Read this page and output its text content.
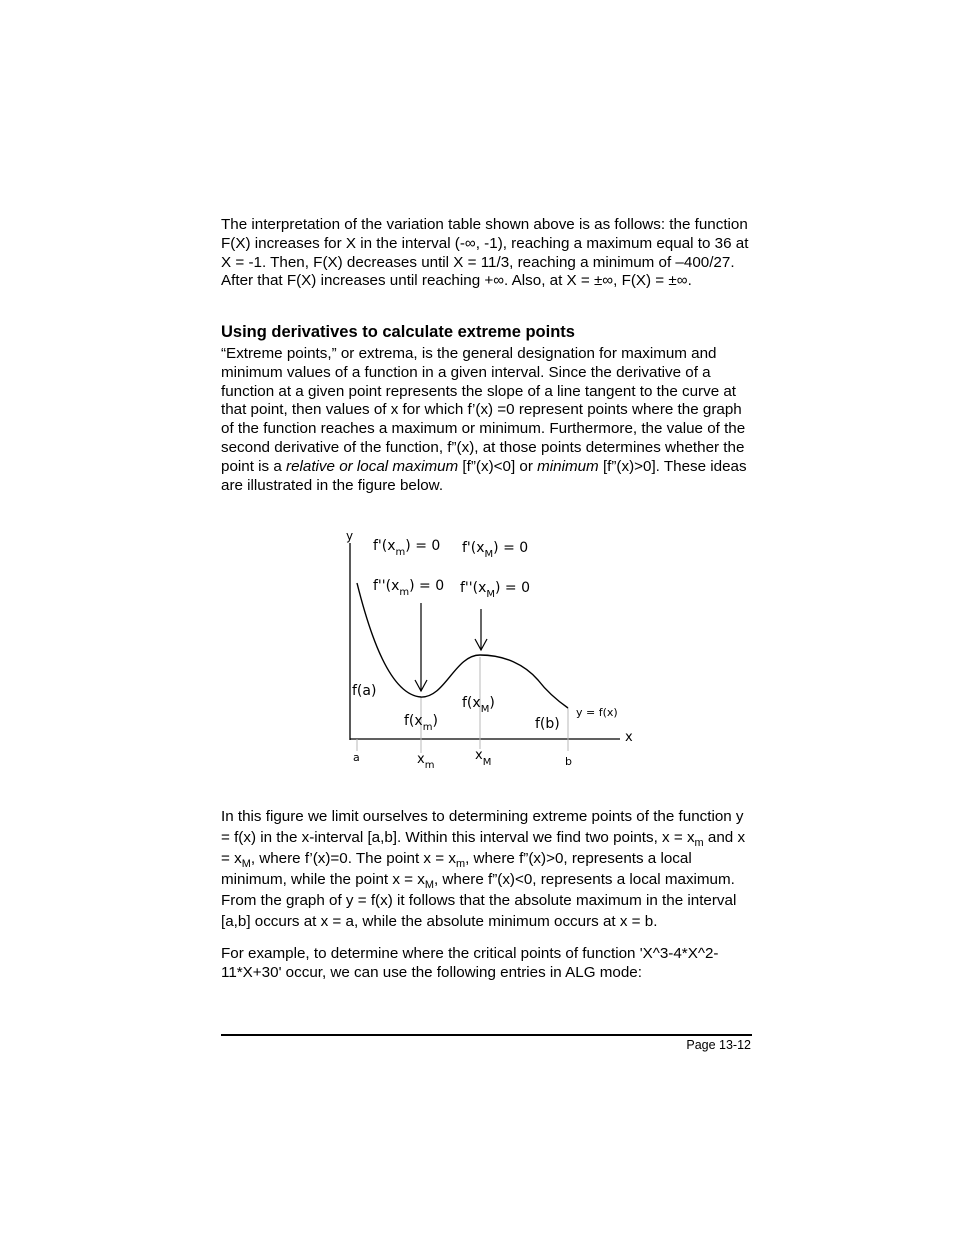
The interpretation of the variation table shown above is as follows: the function F(X) increases for X in the interval (-∞, -1), reaching a maximum equal to 36 at X = -1. Then, F(X) decreases until X = 11/3, reaching a minimum of –400/27. After that F(X) increases until reaching +∞. Also, at X = ±∞, F(X) = ±∞.

Using derivatives to calculate extreme points

“Extreme points,” or extrema, is the general designation for maximum and minimum values of a function in a given interval. Since the derivative of a function at a given point represents the slope of a line tangent to the curve at that point, then values of x for which f’(x) =0 represent points where the graph of the function reaches a maximum or minimum. Furthermore, the value of the second derivative of the function, f”(x), at those points determines whether the point is a relative or local maximum [f”(x)<0] or minimum [f”(x)>0]. These ideas are illustrated in the figure below.

y
x
$f'(x_m) = 0$ $f'(x_M) = 0$
$f''(x_m) = 0$ $f''(x_M) = 0$
f(a)
$f(x_m)$
$f(x_M)$
f(b)
y = f(x)
a	$x_m$
$x_M$	b

In this figure we limit ourselves to determining extreme points of the function y = f(x) in the x-interval [a,b]. Within this interval we find two points, $x = x_m$ and $x = x_M$, where f’(x)=0. The point $x = x_m$, where f”(x)>0, represents a local minimum, while the point $x = x_M$, where f”(x)<0, represents a local maximum. From the graph of y = f(x) it follows that the absolute maximum in the interval [a,b] occurs at x = a, while the absolute minimum occurs at x = b.

For example, to determine where the critical points of function 'X^3-4*X^2-11*X+30' occur, we can use the following entries in ALG mode:

Page 13-12
